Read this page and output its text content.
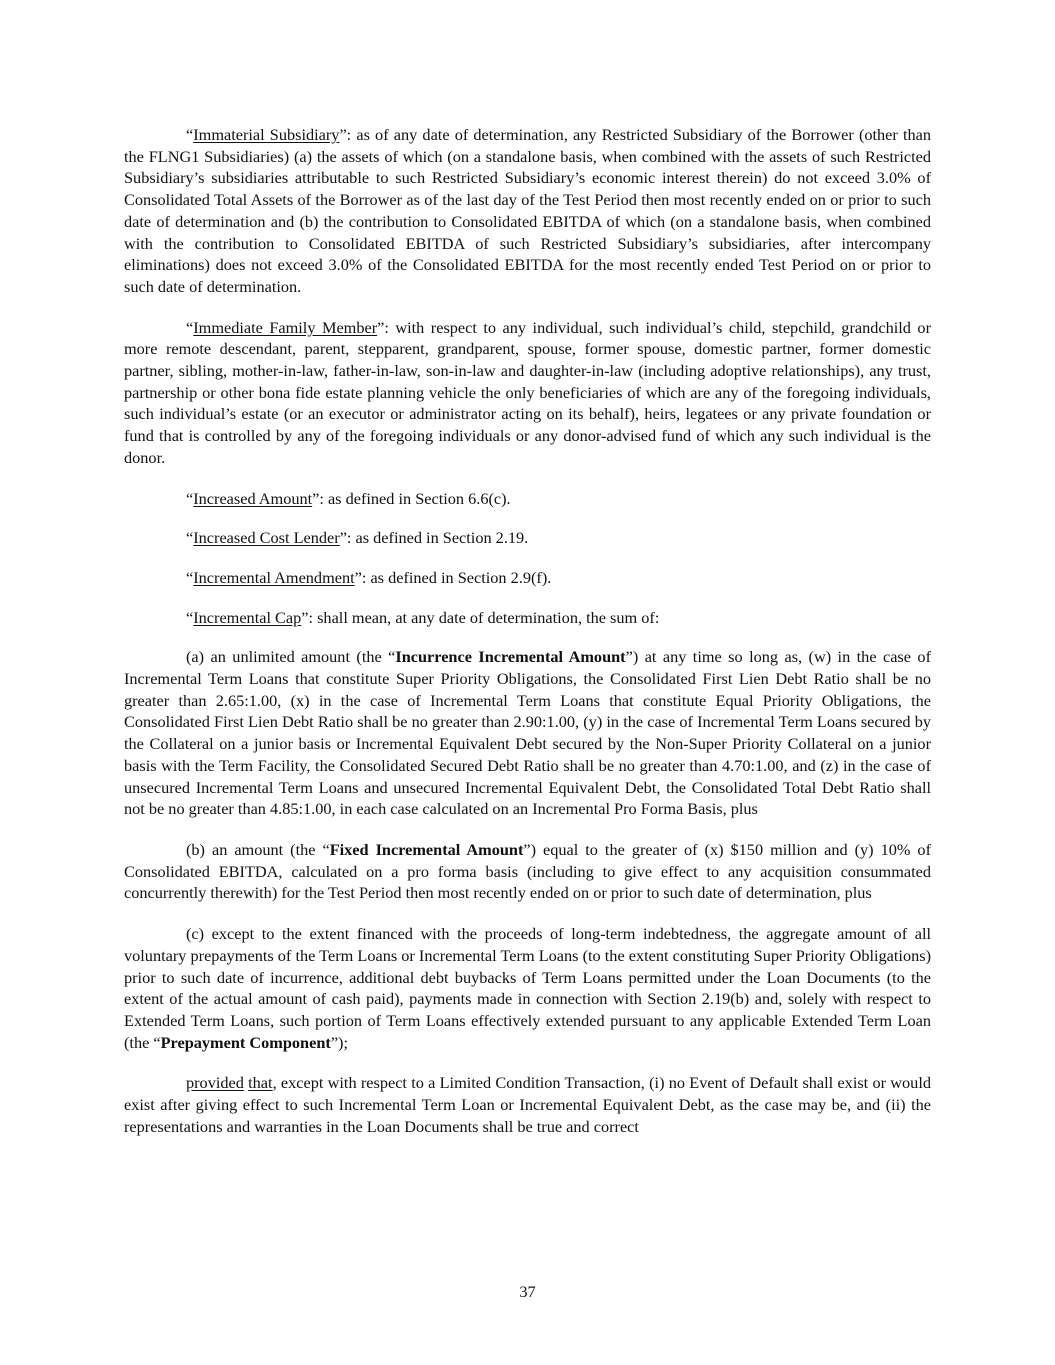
“Immaterial Subsidiary”: as of any date of determination, any Restricted Subsidiary of the Borrower (other than the FLNG1 Subsidiaries) (a) the assets of which (on a standalone basis, when combined with the assets of such Restricted Subsidiary’s subsidiaries attributable to such Restricted Subsidiary’s economic interest therein) do not exceed 3.0% of Consolidated Total Assets of the Borrower as of the last day of the Test Period then most recently ended on or prior to such date of determination and (b) the contribution to Consolidated EBITDA of which (on a standalone basis, when combined with the contribution to Consolidated EBITDA of such Restricted Subsidiary’s subsidiaries, after intercompany eliminations) does not exceed 3.0% of the Consolidated EBITDA for the most recently ended Test Period on or prior to such date of determination.

“Immediate Family Member”: with respect to any individual, such individual’s child, stepchild, grandchild or more remote descendant, parent, stepparent, grandparent, spouse, former spouse, domestic partner, former domestic partner, sibling, mother-in-law, father-in-law, son-in-law and daughter-in-law (including adoptive relationships), any trust, partnership or other bona fide estate planning vehicle the only beneficiaries of which are any of the foregoing individuals, such individual’s estate (or an executor or administrator acting on its behalf), heirs, legatees or any private foundation or fund that is controlled by any of the foregoing individuals or any donor-advised fund of which any such individual is the donor.

“Increased Amount”: as defined in Section 6.6(c).

“Increased Cost Lender”: as defined in Section 2.19.

“Incremental Amendment”: as defined in Section 2.9(f).

“Incremental Cap”: shall mean, at any date of determination, the sum of:

(a) an unlimited amount (the “Incurrence Incremental Amount”) at any time so long as, (w) in the case of Incremental Term Loans that constitute Super Priority Obligations, the Consolidated First Lien Debt Ratio shall be no greater than 2.65:1.00, (x) in the case of Incremental Term Loans that constitute Equal Priority Obligations, the Consolidated First Lien Debt Ratio shall be no greater than 2.90:1.00, (y) in the case of Incremental Term Loans secured by the Collateral on a junior basis or Incremental Equivalent Debt secured by the Non-Super Priority Collateral on a junior basis with the Term Facility, the Consolidated Secured Debt Ratio shall be no greater than 4.70:1.00, and (z) in the case of unsecured Incremental Term Loans and unsecured Incremental Equivalent Debt, the Consolidated Total Debt Ratio shall not be no greater than 4.85:1.00, in each case calculated on an Incremental Pro Forma Basis, plus

(b) an amount (the “Fixed Incremental Amount”) equal to the greater of (x) $150 million and (y) 10% of Consolidated EBITDA, calculated on a pro forma basis (including to give effect to any acquisition consummated concurrently therewith) for the Test Period then most recently ended on or prior to such date of determination, plus

(c) except to the extent financed with the proceeds of long-term indebtedness, the aggregate amount of all voluntary prepayments of the Term Loans or Incremental Term Loans (to the extent constituting Super Priority Obligations) prior to such date of incurrence, additional debt buybacks of Term Loans permitted under the Loan Documents (to the extent of the actual amount of cash paid), payments made in connection with Section 2.19(b) and, solely with respect to Extended Term Loans, such portion of Term Loans effectively extended pursuant to any applicable Extended Term Loan (the “Prepayment Component”);

provided that, except with respect to a Limited Condition Transaction, (i) no Event of Default shall exist or would exist after giving effect to such Incremental Term Loan or Incremental Equivalent Debt, as the case may be, and (ii) the representations and warranties in the Loan Documents shall be true and correct

37
